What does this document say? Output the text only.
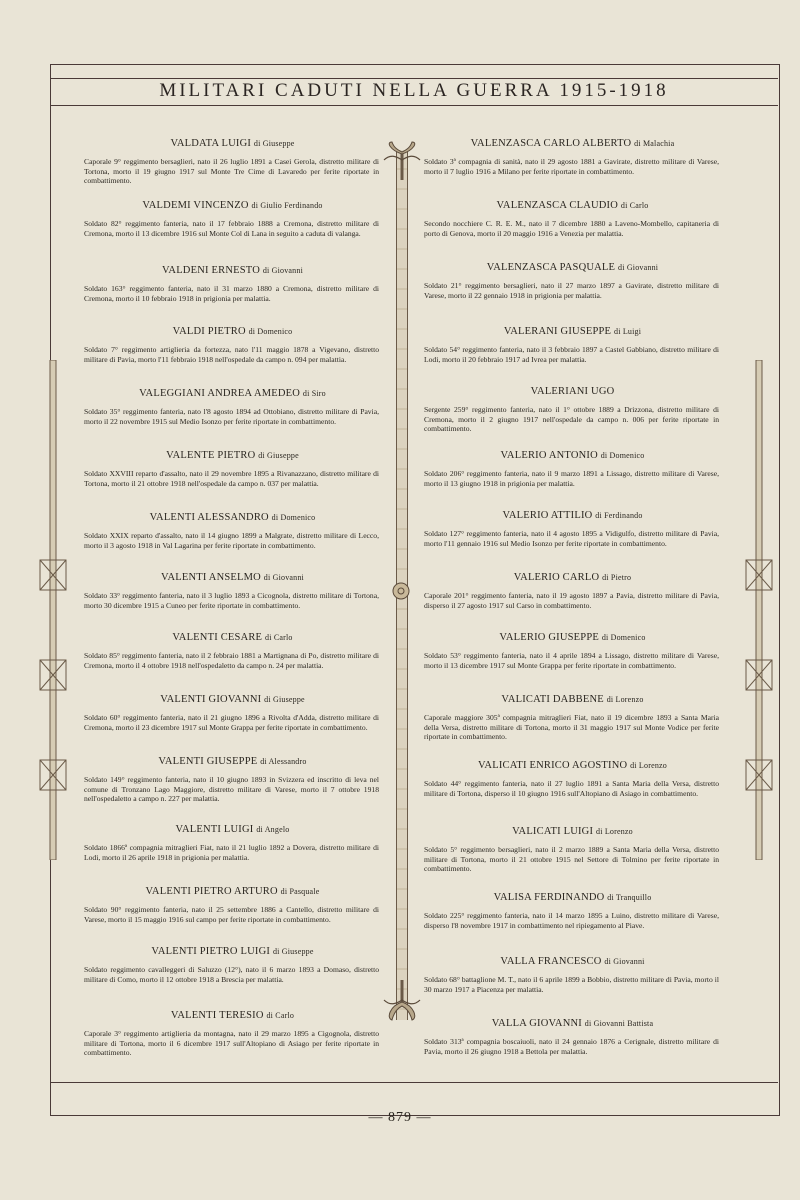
MILITARI CADUTI NELLA GUERRA 1915-1918
VALDATA LUIGI di Giuseppe
Caporale 9° reggimento bersaglieri, nato il 26 luglio 1891 a Casei Gerola, distretto militare di Tortona, morto il 19 giugno 1917 sul Monte Tre Cime di Lavaredo per ferite riportate in combattimento.
VALDEMI VINCENZO di Giulio Ferdinando
Soldato 82° reggimento fanteria, nato il 17 febbraio 1888 a Cremona, distretto militare di Cremona, morto il 13 dicembre 1916 sul Monte Col di Lana in seguito a caduta di valanga.
VALDENI ERNESTO di Giovanni
Soldato 163° reggimento fanteria, nato il 31 marzo 1880 a Cremona, distretto militare di Cremona, morto il 10 febbraio 1918 in prigionia per malattia.
VALDI PIETRO di Domenico
Soldato 7° reggimento artiglieria da fortezza, nato l'11 maggio 1878 a Vigevano, distretto militare di Pavia, morto l'11 febbraio 1918 nell'ospedale da campo n. 094 per malattia.
VALEGGIANI ANDREA AMEDEO di Siro
Soldato 35° reggimento fanteria, nato l'8 agosto 1894 ad Ottobiano, distretto militare di Pavia, morto il 22 novembre 1915 sul Medio Isonzo per ferite riportate in combattimento.
VALENTE PIETRO di Giuseppe
Soldato XXVIII reparto d'assalto, nato il 29 novembre 1895 a Rivanazzano, distretto militare di Tortona, morto il 21 ottobre 1918 nell'ospedale da campo n. 037 per malattia.
VALENTI ALESSANDRO di Domenico
Soldato XXIX reparto d'assalto, nato il 14 giugno 1899 a Malgrate, distretto militare di Lecco, morto il 3 agosto 1918 in Val Lagarina per ferite riportate in combattimento.
VALENTI ANSELMO di Giovanni
Soldato 33° reggimento fanteria, nato il 3 luglio 1893 a Cicognola, distretto militare di Tortona, morto 30 dicembre 1915 a Cuneo per ferite riportate in combattimento.
VALENTI CESARE di Carlo
Soldato 85° reggimento fanteria, nato il 2 febbraio 1881 a Martignana di Po, distretto militare di Cremona, morto il 4 ottobre 1918 nell'ospedaletto da campo n. 24 per malattia.
VALENTI GIOVANNI di Giuseppe
Soldato 60° reggimento fanteria, nato il 21 giugno 1896 a Rivolta d'Adda, distretto militare di Cremona, morto il 23 dicembre 1917 sul Monte Grappa per ferite riportate in combattimento.
VALENTI GIUSEPPE di Alessandro
Soldato 149° reggimento fanteria, nato il 10 giugno 1893 in Svizzera ed inscritto di leva nel comune di Tronzano Lago Maggiore, distretto militare di Varese, morto il 7 ottobre 1918 nell'ospedaletto a campo n. 227 per malattia.
VALENTI LUIGI di Angelo
Soldato 1866ª compagnia mitraglieri Fiat, nato il 21 luglio 1892 a Dovera, distretto militare di Lodi, morto il 26 aprile 1918 in prigionia per malattia.
VALENTI PIETRO ARTURO di Pasquale
Soldato 90° reggimento fanteria, nato il 25 settembre 1886 a Cantello, distretto militare di Varese, morto il 15 maggio 1916 sul campo per ferite riportate in combattimento.
VALENTI PIETRO LUIGI di Giuseppe
Soldato reggimento cavalleggeri di Saluzzo (12°), nato il 6 marzo 1893 a Domaso, distretto militare di Como, morto il 12 ottobre 1918 a Brescia per malattia.
VALENTI TERESIO di Carlo
Caporale 3° reggimento artiglieria da montagna, nato il 29 marzo 1895 a Cigognola, distretto militare di Tortona, morto il 6 dicembre 1917 sull'Altopiano di Asiago per ferite riportate in combattimento.
VALENZASCA CARLO ALBERTO di Malachia
Soldato 3ª compagnia di sanità, nato il 29 agosto 1881 a Gavirate, distretto militare di Varese, morto il 7 luglio 1916 a Milano per ferite riportate in combattimento.
VALENZASCA CLAUDIO di Carlo
Secondo nocchiere C. R. E. M., nato il 7 dicembre 1880 a Laveno-Mombello, capitaneria di porto di Genova, morto il 20 maggio 1916 a Venezia per malattia.
VALENZASCA PASQUALE di Giovanni
Soldato 21° reggimento bersaglieri, nato il 27 marzo 1897 a Gavirate, distretto militare di Varese, morto il 22 gennaio 1918 in prigionia per malattia.
VALERANI GIUSEPPE di Luigi
Soldato 54° reggimento fanteria, nato il 3 febbraio 1897 a Castel Gabbiano, distretto militare di Lodi, morto il 20 febbraio 1917 ad Ivrea per malattia.
VALERIANI UGO
Sergente 259° reggimento fanteria, nato il 1° ottobre 1889 a Drizzona, distretto militare di Cremona, morto il 2 giugno 1917 nell'ospedale da campo n. 006 per ferite riportate in combattimento.
VALERIO ANTONIO di Domenico
Soldato 206° reggimento fanteria, nato il 9 marzo 1891 a Lissago, distretto militare di Varese, morto il 13 giugno 1918 in prigionia per malattia.
VALERIO ATTILIO di Ferdinando
Soldato 127° reggimento fanteria, nato il 4 agosto 1895 a Vidigulfo, distretto militare di Pavia, morto l'11 gennaio 1916 sul Medio Isonzo per ferite riportate in combattimento.
VALERIO CARLO di Pietro
Caporale 201° reggimento fanteria, nato il 19 agosto 1897 a Pavia, distretto militare di Pavia, disperso il 27 agosto 1917 sul Carso in combattimento.
VALERIO GIUSEPPE di Domenico
Soldato 53° reggimento fanteria, nato il 4 aprile 1894 a Lissago, distretto militare di Varese, morto il 13 dicembre 1917 sul Monte Grappa per ferite riportate in combattimento.
VALICATI DABBENE di Lorenzo
Caporale maggiore 305ª compagnia mitraglieri Fiat, nato il 19 dicembre 1893 a Santa Maria della Versa, distretto militare di Tortona, morto il 31 maggio 1917 sul Monte Vodice per ferite riportate in combattimento.
VALICATI ENRICO AGOSTINO di Lorenzo
Soldato 44° reggimento fanteria, nato il 27 luglio 1891 a Santa Maria della Versa, distretto militare di Tortona, disperso il 10 giugno 1916 sull'Altopiano di Asiago in combattimento.
VALICATI LUIGI di Lorenzo
Soldato 5° reggimento bersaglieri, nato il 2 marzo 1889 a Santa Maria della Versa, distretto militare di Tortona, morto il 21 ottobre 1915 nel Settore di Tolmino per ferite riportate in combattimento.
VALISA FERDINANDO di Tranquillo
Soldato 225° reggimento fanteria, nato il 14 marzo 1895 a Luino, distretto militare di Varese, disperso l'8 novembre 1917 in combattimento nel ripiegamento al Piave.
VALLA FRANCESCO di Giovanni
Soldato 68° battaglione M. T., nato il 6 aprile 1899 a Bobbio, distretto militare di Pavia, morto il 30 marzo 1917 a Piacenza per malattia.
VALLA GIOVANNI di Giovanni Battista
Soldato 313ª compagnia boscaiuoli, nato il 24 gennaio 1876 a Cerignale, distretto militare di Pavia, morto il 26 giugno 1918 a Bettola per malattia.
— 879 —
